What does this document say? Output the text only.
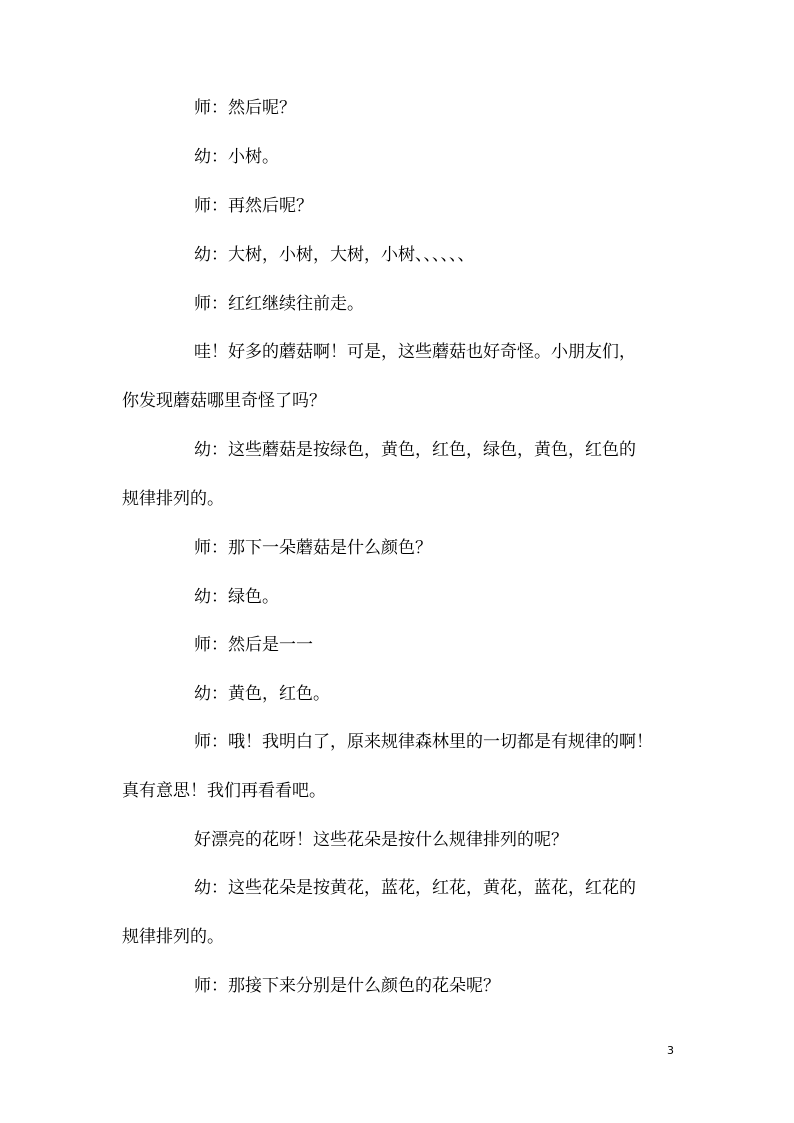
师：然后呢？

幼：小树。

师：再然后呢？

幼：大树，小树，大树，小树、、、、、、

师：红红继续往前走。

哇！好多的蘑菇啊！可是，这些蘑菇也好奇怪。小朋友们，

你发现蘑菇哪里奇怪了吗？

幼：这些蘑菇是按绿色，黄色，红色，绿色，黄色，红色的

规律排列的。

师：那下一朵蘑菇是什么颜色？

幼：绿色。

师：然后是一一

幼：黄色，红色。

师：哦！我明白了，原来规律森林里的一切都是有规律的啊！

真有意思！我们再看看吧。

好漂亮的花呀！这些花朵是按什么规律排列的呢？

幼：这些花朵是按黄花，蓝花，红花，黄花，蓝花，红花的

规律排列的。

师：那接下来分别是什么颜色的花朵呢？

3
